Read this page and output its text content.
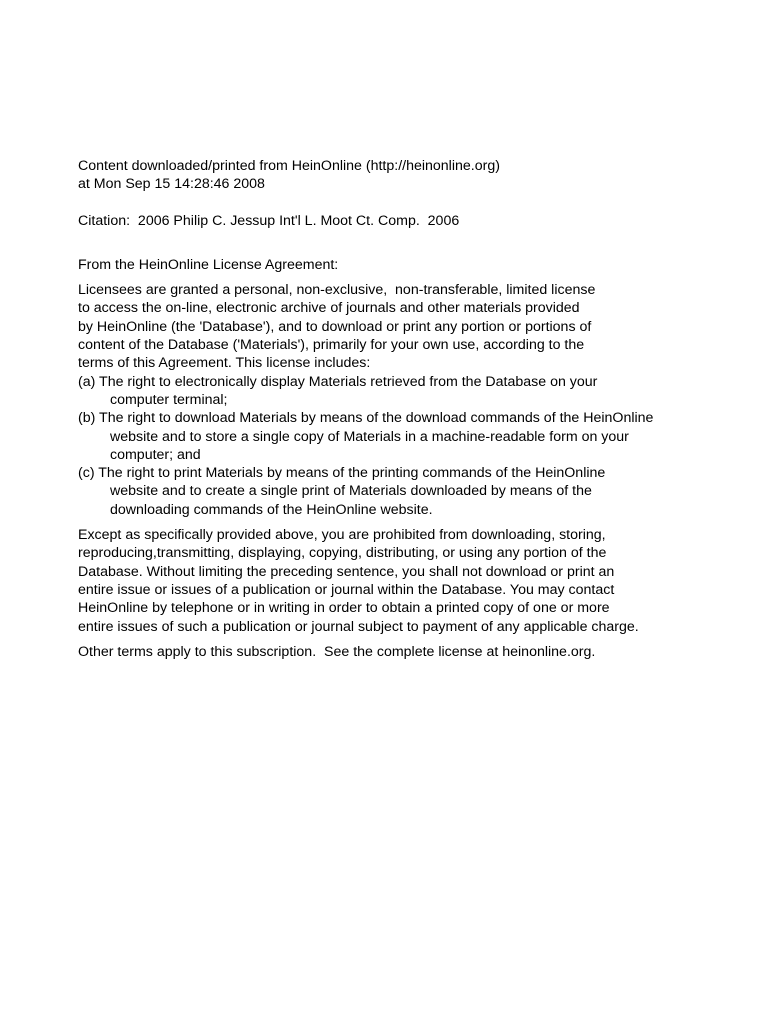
Content downloaded/printed from HeinOnline (http://heinonline.org)
at Mon Sep 15 14:28:46 2008
Citation:  2006 Philip C. Jessup Int'l L. Moot Ct. Comp.  2006
From the HeinOnline License Agreement:
Licensees are granted a personal, non-exclusive,  non-transferable, limited license
to access the on-line, electronic archive of journals and other materials provided
by HeinOnline (the 'Database'), and to download or print any portion or portions of
content of the Database ('Materials'), primarily for your own use, according to the
terms of this Agreement. This license includes:
(a) The right to electronically display Materials retrieved from the Database on your
computer terminal;
(b) The right to download Materials by means of the download commands of the HeinOnline
website and to store a single copy of Materials in a machine-readable form on your
computer; and
(c) The right to print Materials by means of the printing commands of the HeinOnline
website and to create a single print of Materials downloaded by means of the
downloading commands of the HeinOnline website.
Except as specifically provided above, you are prohibited from downloading, storing,
reproducing,transmitting, displaying, copying, distributing, or using any portion of the
Database. Without limiting the preceding sentence, you shall not download or print an
entire issue or issues of a publication or journal within the Database. You may contact
HeinOnline by telephone or in writing in order to obtain a printed copy of one or more
entire issues of such a publication or journal subject to payment of any applicable charge.
Other terms apply to this subscription.  See the complete license at heinonline.org.
